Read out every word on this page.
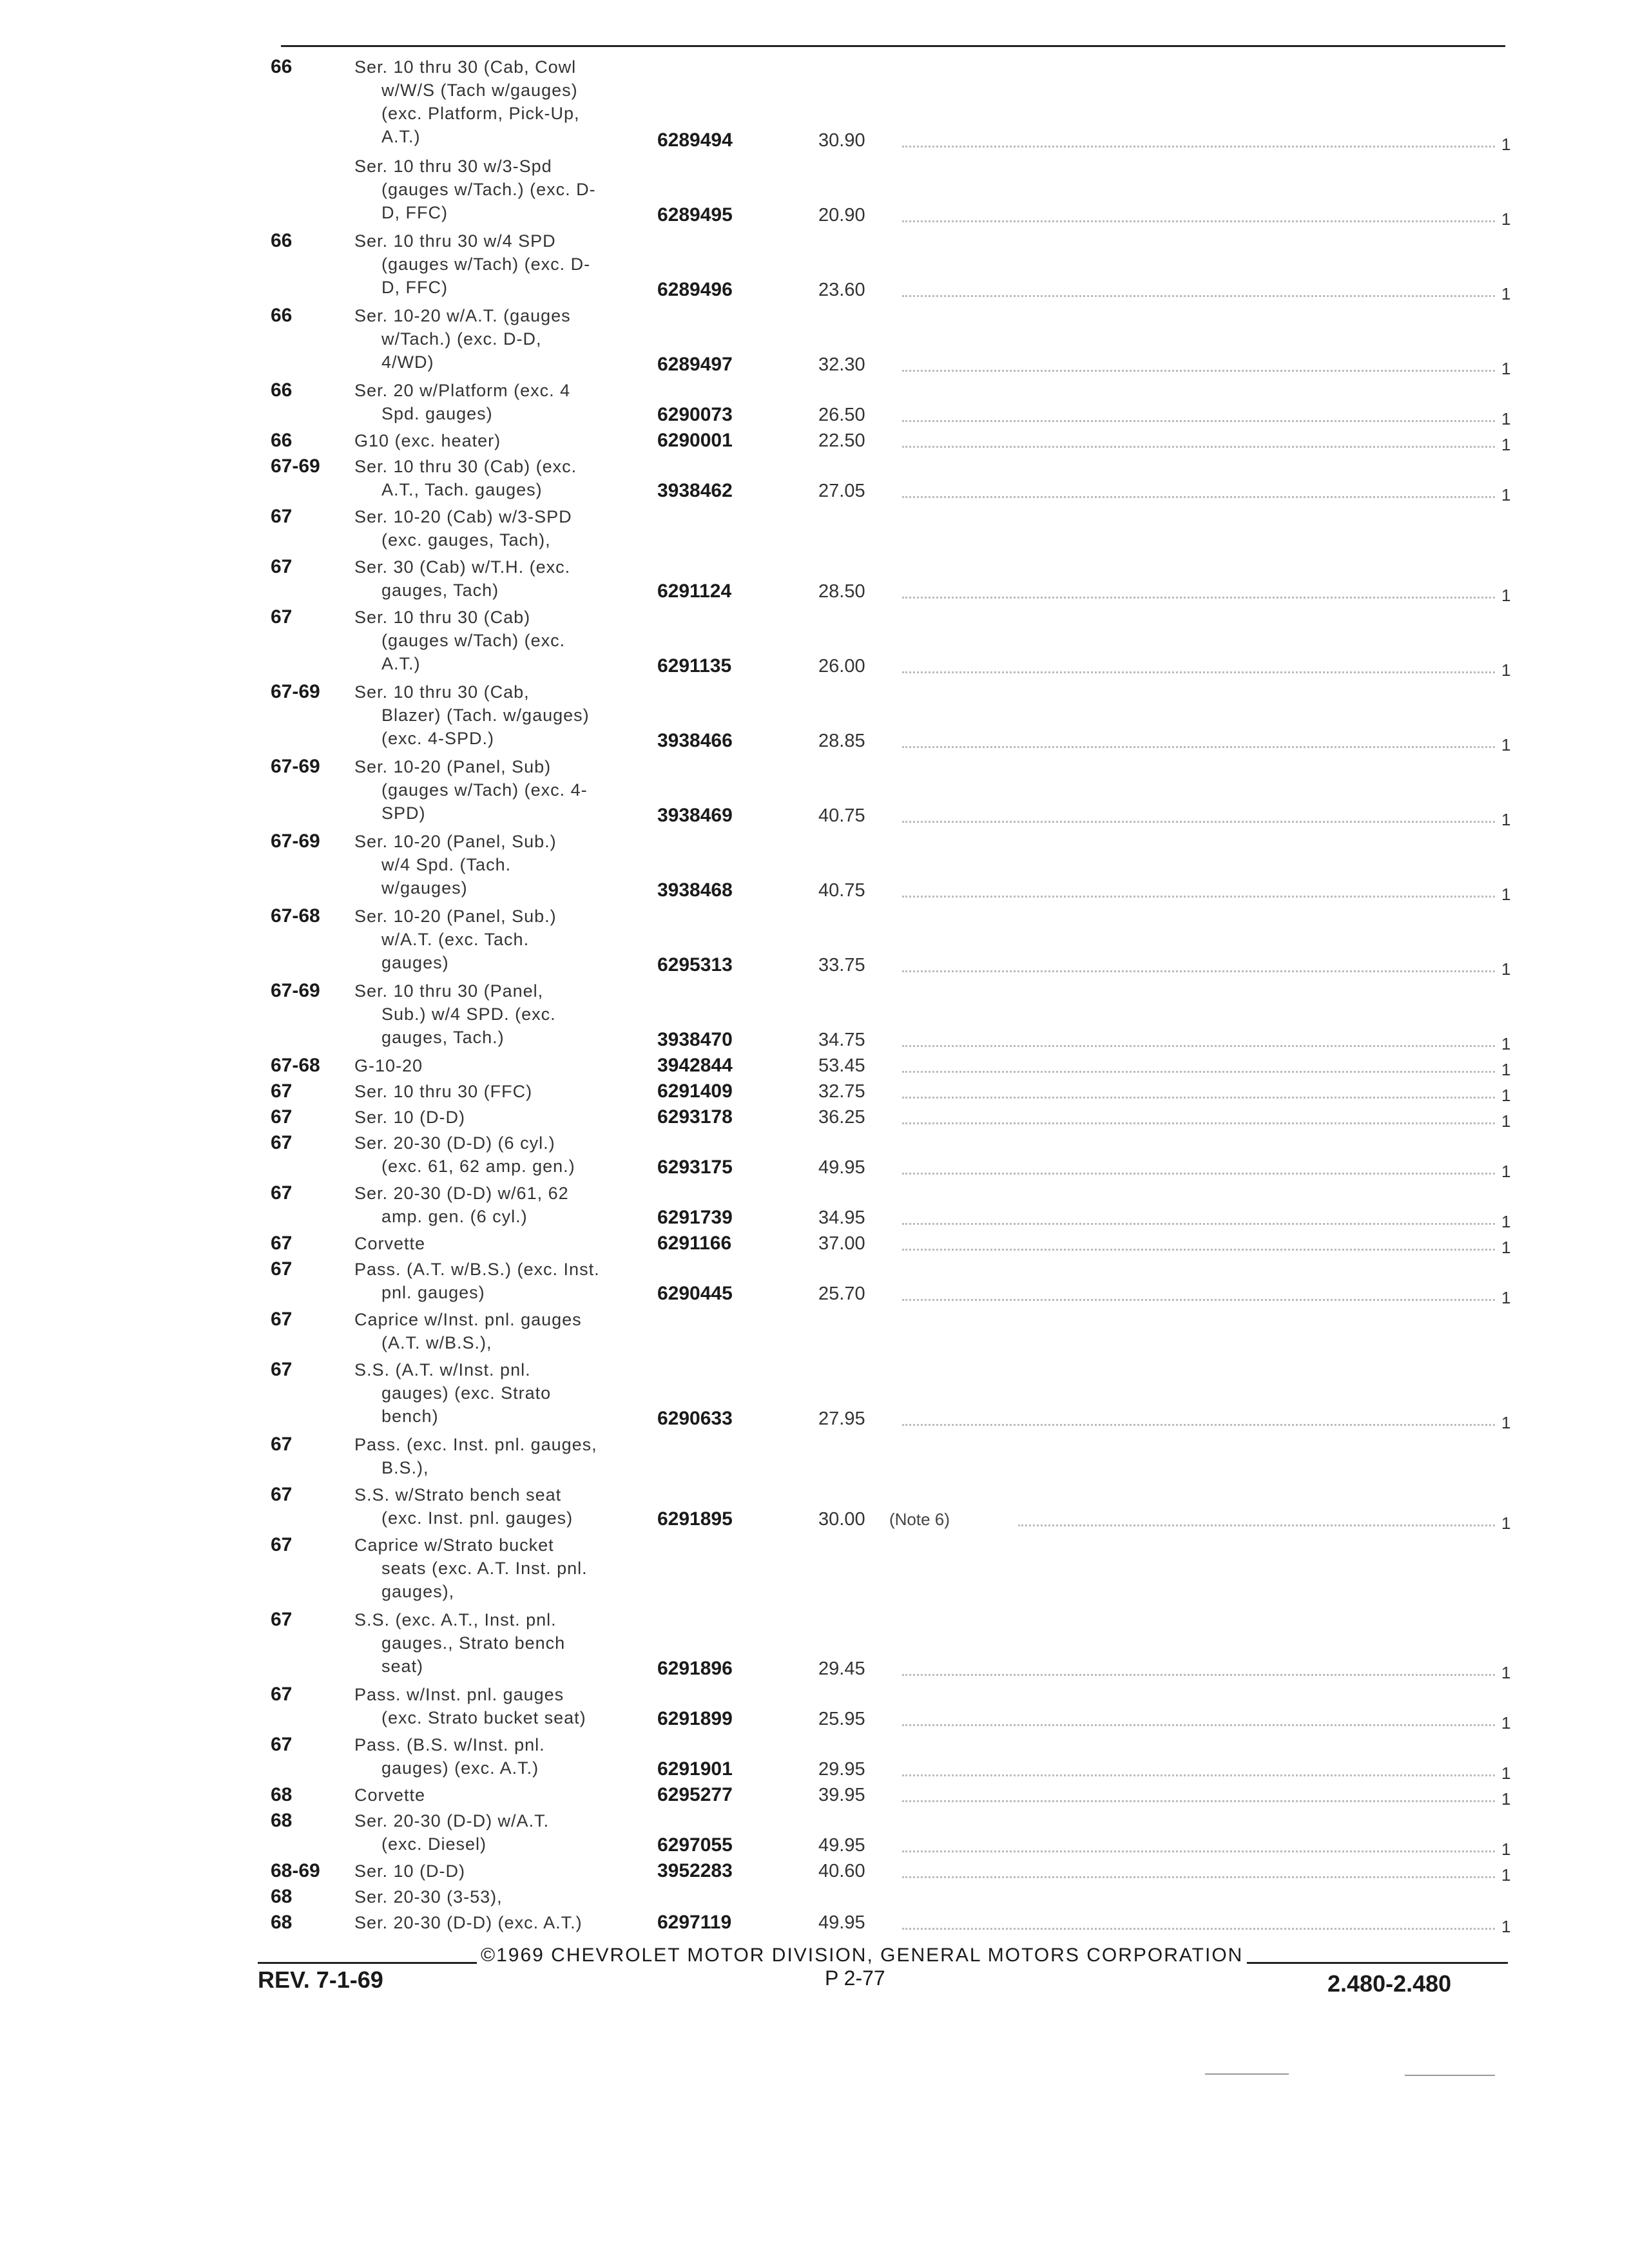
66	Ser. 10 thru 30 (Cab, Cowl
w/W/S (Tach w/gauges)
(exc. Platform, Pick-Up,
A.T.)	6289494	30.90	1
Ser. 10 thru 30 w/3-Spd
(gauges w/Tach.) (exc. D-
D, FFC)	6289495	20.90	1
66	Ser. 10 thru 30 w/4 SPD
(gauges w/Tach) (exc. D-
D, FFC)	6289496	23.60	1
66	Ser. 10-20 w/A.T. (gauges
w/Tach.) (exc. D-D,
4/WD)	6289497	32.30	1
66	Ser. 20 w/Platform (exc. 4
Spd. gauges)	6290073	26.50	1
66	G10 (exc. heater)	6290001	22.50	1
67-69	Ser. 10 thru 30 (Cab) (exc.
A.T., Tach. gauges)	3938462	27.05	1
67	Ser. 10-20 (Cab) w/3-SPD
(exc. gauges, Tach),
67	Ser. 30 (Cab) w/T.H. (exc.
gauges, Tach)	6291124	28.50	1
67	Ser. 10 thru 30 (Cab)
(gauges w/Tach) (exc.
A.T.)	6291135	26.00	1
67-69	Ser. 10 thru 30 (Cab,
Blazer) (Tach. w/gauges)
(exc. 4-SPD.)	3938466	28.85	1
67-69	Ser. 10-20 (Panel, Sub)
(gauges w/Tach) (exc. 4-
SPD)	3938469	40.75	1
67-69	Ser. 10-20 (Panel, Sub.)
w/4 Spd. (Tach.
w/gauges)	3938468	40.75	1
67-68	Ser. 10-20 (Panel, Sub.)
w/A.T. (exc. Tach.
gauges)	6295313	33.75	1
67-69	Ser. 10 thru 30 (Panel,
Sub.) w/4 SPD. (exc.
gauges, Tach.)	3938470	34.75	1
67-68	G-10-20	3942844	53.45	1
67	Ser. 10 thru 30 (FFC)	6291409	32.75	1
67	Ser. 10 (D-D)	6293178	36.25	1
67	Ser. 20-30 (D-D) (6 cyl.)
(exc. 61, 62 amp. gen.)	6293175	49.95	1
67	Ser. 20-30 (D-D) w/61, 62
amp. gen. (6 cyl.)	6291739	34.95	1
67	Corvette	6291166	37.00	1
67	Pass. (A.T. w/B.S.) (exc. Inst.
pnl. gauges)	6290445	25.70	1
67	Caprice w/Inst. pnl. gauges
(A.T. w/B.S.),
67	S.S. (A.T. w/Inst. pnl.
gauges) (exc. Strato
bench)	6290633	27.95	1
67	Pass. (exc. Inst. pnl. gauges,
B.S.),
67	S.S. w/Strato bench seat
(exc. Inst. pnl. gauges)	6291895	30.00	(Note 6)	1
67	Caprice w/Strato bucket
seats (exc. A.T. Inst. pnl.
gauges),
67	S.S. (exc. A.T., Inst. pnl.
gauges., Strato bench
seat)	6291896	29.45	1
67	Pass. w/Inst. pnl. gauges
(exc. Strato bucket seat)	6291899	25.95	1
67	Pass. (B.S. w/Inst. pnl.
gauges) (exc. A.T.)	6291901	29.95	1
68	Corvette	6295277	39.95	1
68	Ser. 20-30 (D-D) w/A.T.
(exc. Diesel)	6297055	49.95	1
68-69	Ser. 10 (D-D)	3952283	40.60	1
68	Ser. 20-30 (3-53),
68	Ser. 20-30 (D-D) (exc. A.T.)	6297119	49.95	1
©1969 CHEVROLET MOTOR DIVISION, GENERAL MOTORS CORPORATION
REV. 7-1-69	P 2-77	2.480-2.480
